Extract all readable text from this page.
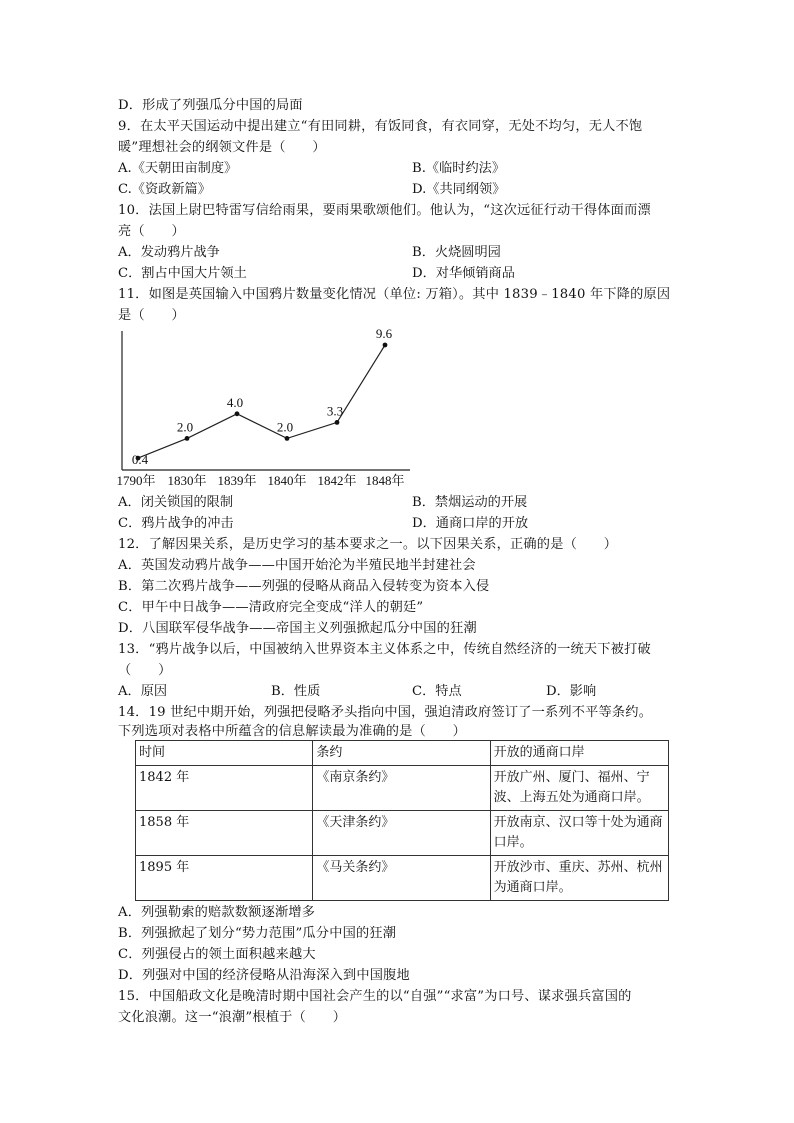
D．形成了列强瓜分中国的局面
9．在太平天国运动中提出建立“有田同耕，有饭同食，有衣同穿，无处不均匀，无人不饱
暖”理想社会的纲领文件是（　　）
A.《天朝田亩制度》	B.《临时约法》
C.《资政新篇》	D.《共同纲领》
10．法国上尉巴特雷写信给雨果，要雨果歌颂他们。他认为，“这次远征行动干得体面而漂
亮（　　）
A．发动鸦片战争	B．火烧圆明园
C．割占中国大片领土	D．对华倾销商品
11．如图是英国输入中国鸦片数量变化情况（单位: 万箱）。其中 1839﹣1840 年下降的原因
是（　　）
0.4
2.0
4.0
2.0
3.3
9.6
1790年 1830年 1839年 1840年 1842年 1848年
A．闭关锁国的限制	B．禁烟运动的开展
C．鸦片战争的冲击	D．通商口岸的开放
12．了解因果关系，是历史学习的基本要求之一。以下因果关系，正确的是（　　）
A．英国发动鸦片战争——中国开始沦为半殖民地半封建社会
B．第二次鸦片战争——列强的侵略从商品入侵转变为资本入侵
C．甲午中日战争——清政府完全变成“洋人的朝廷”
D．八国联军侵华战争——帝国主义列强掀起瓜分中国的狂潮
13．“鸦片战争以后，中国被纳入世界资本主义体系之中，传统自然经济的一统天下被打破
（　　）
A．原因	B．性质	C．特点	D．影响
14．19 世纪中期开始，列强把侵略矛头指向中国，强迫清政府签订了一系列不平等条约。
下列选项对表格中所蕴含的信息解读最为准确的是（　　）
时间	条约	开放的通商口岸
1842 年	《南京条约》	开放广州、厦门、福州、宁波、上海五处为通商口岸。
1858 年	《天津条约》	开放南京、汉口等十处为通商口岸。
1895 年	《马关条约》	开放沙市、重庆、苏州、杭州为通商口岸。
A．列强勒索的赔款数额逐渐增多
B．列强掀起了划分“势力范围”瓜分中国的狂潮
C．列强侵占的领土面积越来越大
D．列强对中国的经济侵略从沿海深入到中国腹地
15．中国船政文化是晚清时期中国社会产生的以“自强”“求富”为口号、谋求强兵富国的
文化浪潮。这一“浪潮”根植于（　　）
